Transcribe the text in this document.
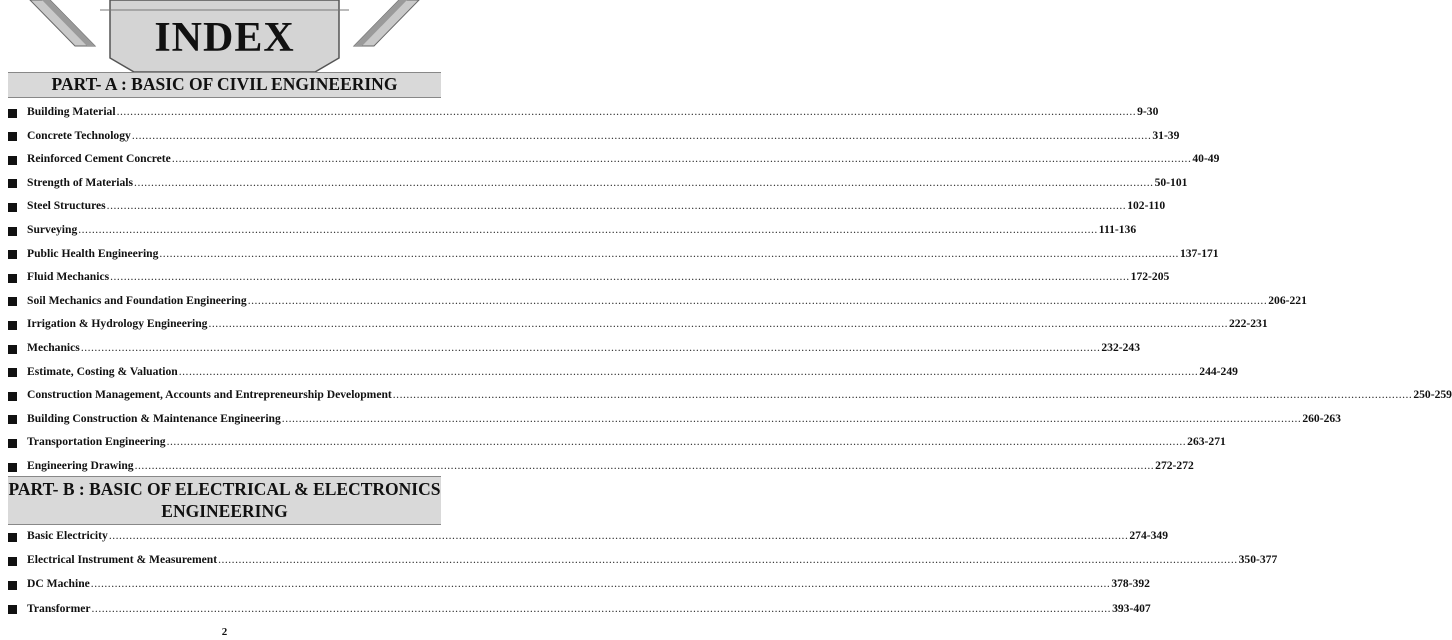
INDEX
PART- A : BASIC OF CIVIL ENGINEERING
Building Material ............................................................................................................................................................................................................................................................................................................ 9-30
Concrete Technology ............................................................................................................................................................................................................................................................................................................ 31-39
Reinforced Cement Concrete ............................................................................................................................................................................................................................................................................................................ 40-49
Strength of Materials ............................................................................................................................................................................................................................................................................................................ 50-101
Steel Structures ............................................................................................................................................................................................................................................................................................................ 102-110
Surveying ............................................................................................................................................................................................................................................................................................................ 111-136
Public Health Engineering ............................................................................................................................................................................................................................................................................................................ 137-171
Fluid Mechanics ............................................................................................................................................................................................................................................................................................................ 172-205
Soil Mechanics and Foundation Engineering ............................................................................................................................................................................................................................................................................................................ 206-221
Irrigation & Hydrology Engineering ............................................................................................................................................................................................................................................................................................................ 222-231
Mechanics ............................................................................................................................................................................................................................................................................................................ 232-243
Estimate, Costing & Valuation ............................................................................................................................................................................................................................................................................................................ 244-249
Construction Management, Accounts and Entrepreneurship Development ............................................................................................................................................................................................................................................................................................................ 250-259
Building Construction & Maintenance Engineering ............................................................................................................................................................................................................................................................................................................ 260-263
Transportation Engineering ............................................................................................................................................................................................................................................................................................................ 263-271
Engineering Drawing ............................................................................................................................................................................................................................................................................................................ 272-272
PART- B : BASIC OF ELECTRICAL & ELECTRONICS
ENGINEERING
Basic Electricity ............................................................................................................................................................................................................................................................................................................ 274-349
Electrical Instrument & Measurement ............................................................................................................................................................................................................................................................................................................ 350-377
DC Machine ............................................................................................................................................................................................................................................................................................................ 378-392
Transformer ............................................................................................................................................................................................................................................................................................................ 393-407
2
